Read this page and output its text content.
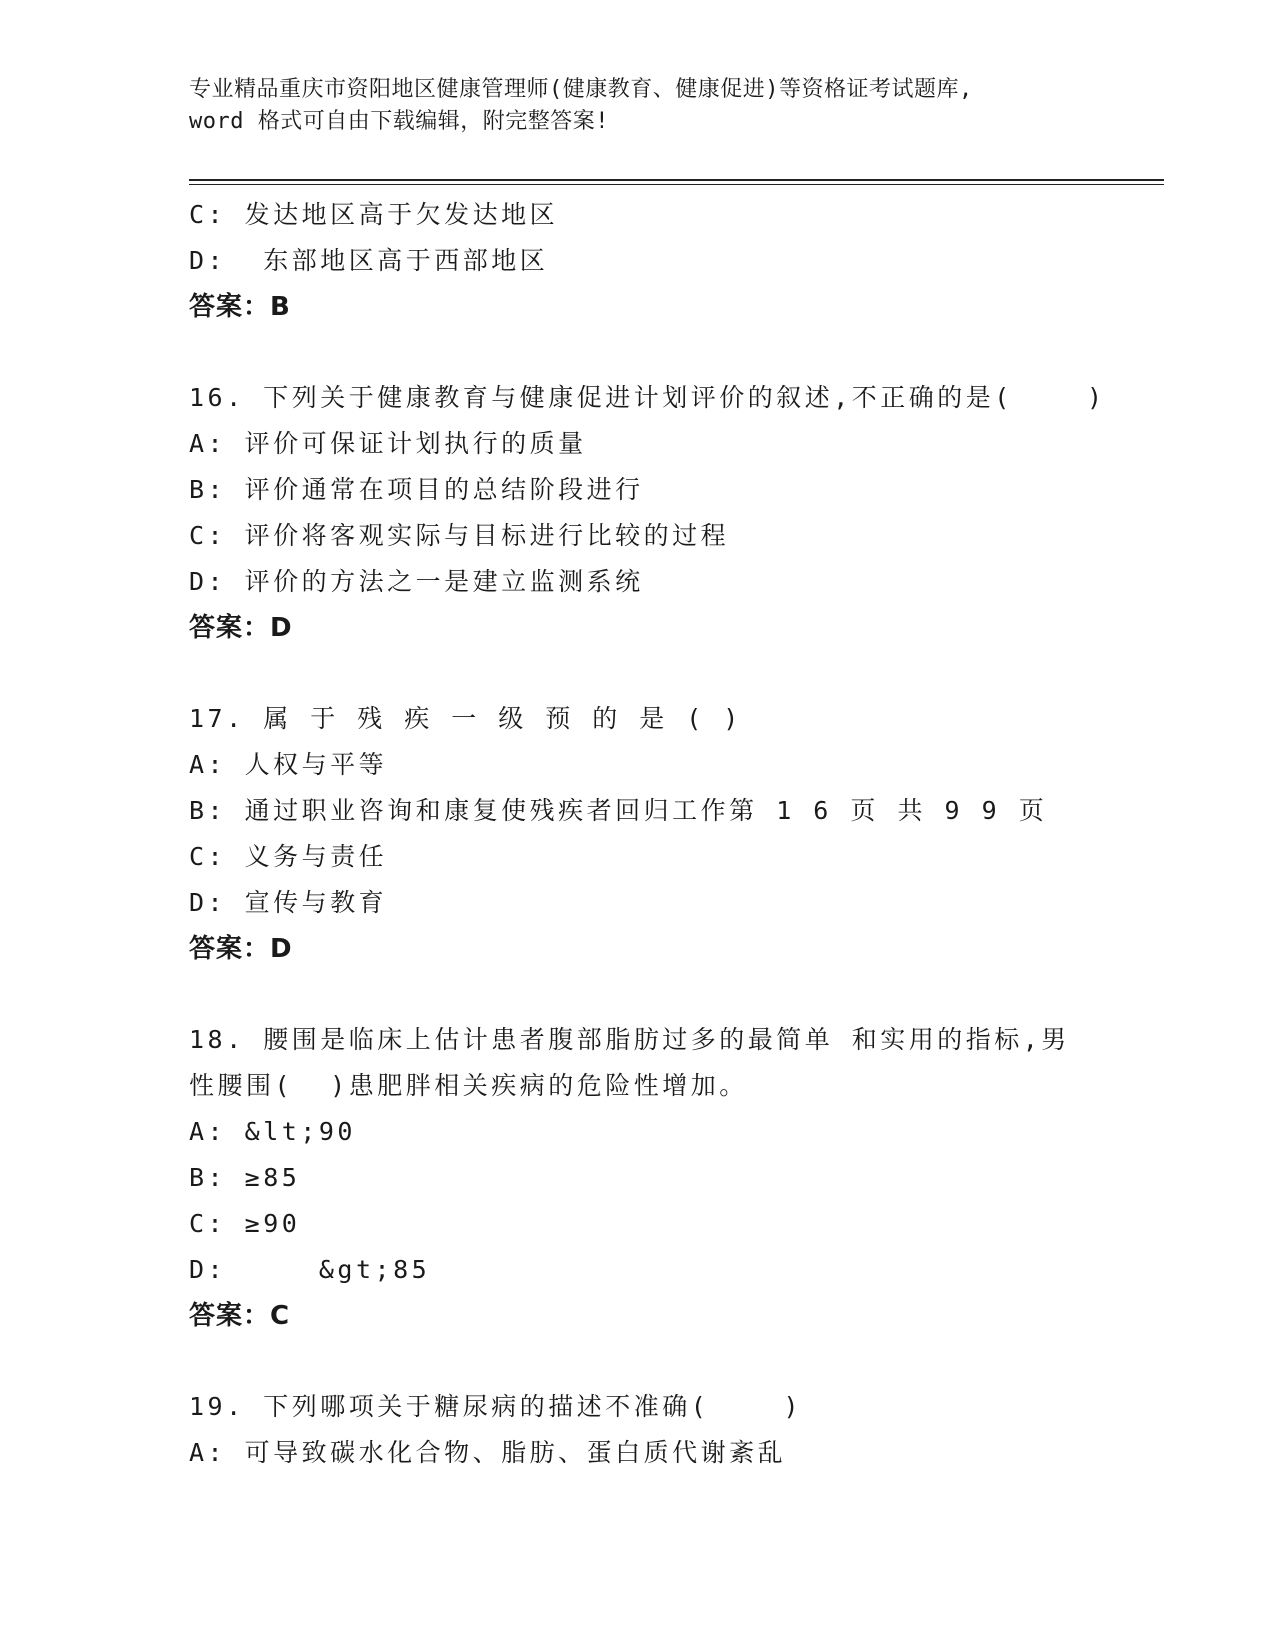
专业精品重庆市资阳地区健康管理师(健康教育、健康促进)等资格证考试题库,
word 格式可自由下载编辑，附完整答案!
C: 发达地区高于欠发达地区
D:  东部地区高于西部地区
答案：B
16. 下列关于健康教育与健康促进计划评价的叙述,不正确的是(    )
A: 评价可保证计划执行的质量
B: 评价通常在项目的总结阶段进行
C: 评价将客观实际与目标进行比较的过程
D: 评价的方法之一是建立监测系统
答案：D
17. 属于残疾一级预的是()
A: 人权与平等
B: 通过职业咨询和康复使残疾者回归工作第 1 6 页 共 9 9 页
C: 义务与责任
D: 宣传与教育
答案：D
18. 腰围是临床上估计患者腹部脂肪过多的最简单 和实用的指标,男
性腰围(  )患肥胖相关疾病的危险性增加。
A: &lt;90
B: ≥85
C: ≥90
D:     &gt;85
答案：C
19. 下列哪项关于糖尿病的描述不准确(    )
A: 可导致碳水化合物、脂肪、蛋白质代谢紊乱
